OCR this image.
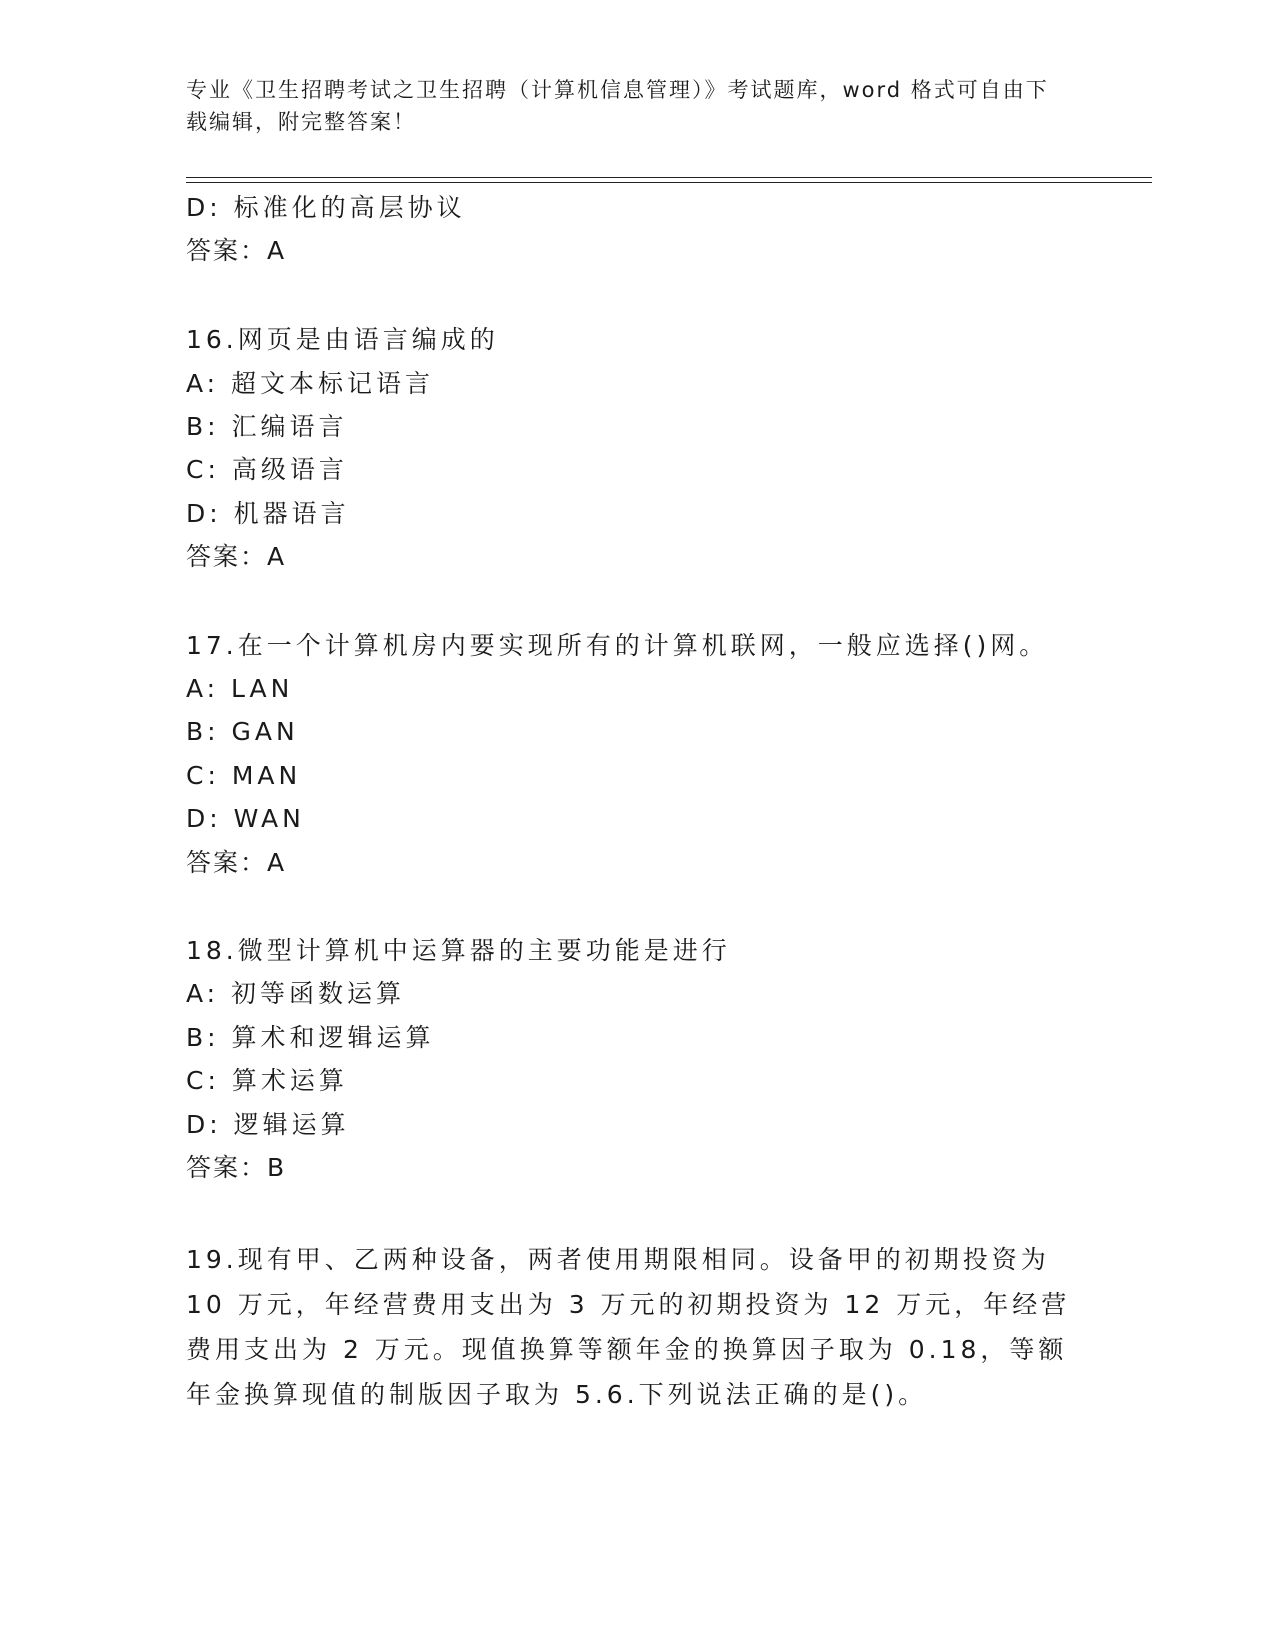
专业《卫生招聘考试之卫生招聘（计算机信息管理）》考试题库，word 格式可自由下载编辑，附完整答案！
D: 标准化的高层协议
答案：A
16.网页是由语言编成的
A: 超文本标记语言
B: 汇编语言
C: 高级语言
D: 机器语言
答案：A
17.在一个计算机房内要实现所有的计算机联网，一般应选择()网。
A: LAN
B: GAN
C: MAN
D: WAN
答案：A
18.微型计算机中运算器的主要功能是进行
A: 初等函数运算
B: 算术和逻辑运算
C: 算术运算
D: 逻辑运算
答案：B
19.现有甲、乙两种设备，两者使用期限相同。设备甲的初期投资为 10 万元，年经营费用支出为 3 万元的初期投资为 12 万元，年经营费用支出为 2 万元。现值换算等额年金的换算因子取为 0.18，等额年金换算现值的制版因子取为 5.6.下列说法正确的是()。
